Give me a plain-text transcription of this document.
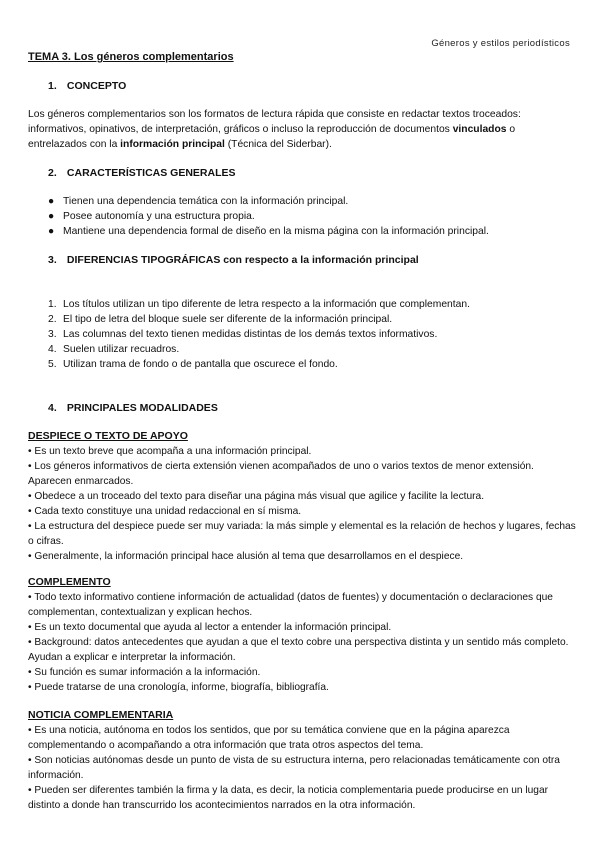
Géneros y estilos periodísticos
TEMA 3. Los géneros complementarios
1. CONCEPTO
Los géneros complementarios son los formatos de lectura rápida que consiste en redactar textos troceados: informativos, opinativos, de interpretación, gráficos o incluso la reproducción de documentos vinculados o entrelazados con la información principal (Técnica del Siderbar).
2. CARACTERÍSTICAS GENERALES
● Tienen una dependencia temática con la información principal.
● Posee autonomía y una estructura propia.
● Mantiene una dependencia formal de diseño en la misma página con la información principal.
3. DIFERENCIAS TIPOGRÁFICAS con respecto a la información principal
1. Los títulos utilizan un tipo diferente de letra respecto a la información que complementan.
2. El tipo de letra del bloque suele ser diferente de la información principal.
3. Las columnas del texto tienen medidas distintas de los demás textos informativos.
4. Suelen utilizar recuadros.
5. Utilizan trama de fondo o de pantalla que oscurece el fondo.
4. PRINCIPALES MODALIDADES
DESPIECE O TEXTO DE APOYO
• Es un texto breve que acompaña a una información principal.
• Los géneros informativos de cierta extensión vienen acompañados de uno o varios textos de menor extensión. Aparecen enmarcados.
• Obedece a un troceado del texto para diseñar una página más visual que agilice y facilite la lectura.
• Cada texto constituye una unidad redaccional en sí misma.
• La estructura del despiece puede ser muy variada: la más simple y elemental es la relación de hechos y lugares, fechas o cifras.
• Generalmente, la información principal hace alusión al tema que desarrollamos en el despiece.
COMPLEMENTO
• Todo texto informativo contiene información de actualidad (datos de fuentes) y documentación o declaraciones que complementan, contextualizan y explican hechos.
• Es un texto documental que ayuda al lector a entender la información principal.
• Background: datos antecedentes que ayudan a que el texto cobre una perspectiva distinta y un sentido más completo. Ayudan a explicar e interpretar la información.
• Su función es sumar información a la información.
• Puede tratarse de una cronología, informe, biografía, bibliografía.
NOTICIA COMPLEMENTARIA
• Es una noticia, autónoma en todos los sentidos, que por su temática conviene que en la página aparezca complementando o acompañando a otra información que trata otros aspectos del tema.
• Son noticias autónomas desde un punto de vista de su estructura interna, pero relacionadas temáticamente con otra información.
• Pueden ser diferentes también la firma y la data, es decir, la noticia complementaria puede producirse en un lugar distinto a donde han transcurrido los acontecimientos narrados en la otra información.
